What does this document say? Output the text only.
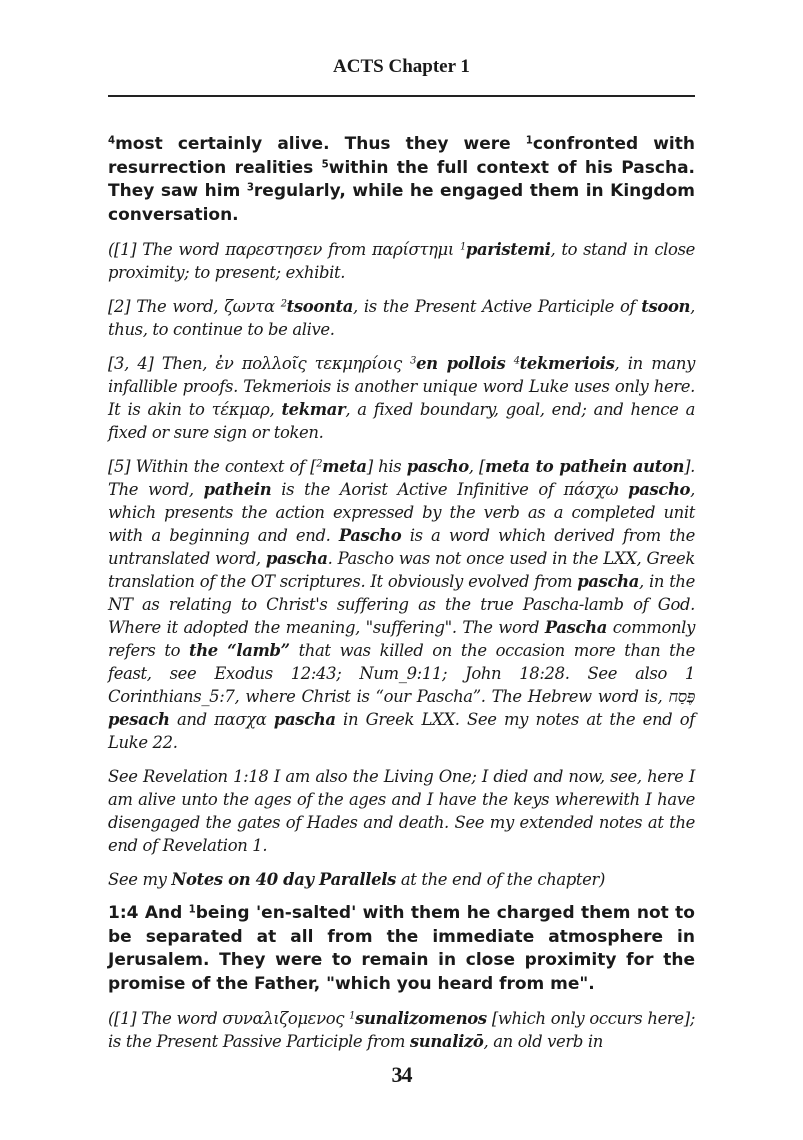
ACTS Chapter 1

$^4$most certainly alive. Thus they were $^1$confronted with resurrection realities $^5$within the full context of his Pascha. They saw him $^3$regularly, while he engaged them in Kingdom conversation.

([1] The word παρεστησεν from παρίστημι $^1$paristemi, to stand in close proximity; to present; exhibit.

[2] The word, ζωντα $^2$tsoonta, is the Present Active Participle of tsoon, thus, to continue to be alive.

[3, 4] Then, ἐν πολλοῖς τεκμηρίοις $^3$en pollois $^4$tekmeriois, in many infallible proofs. Tekmeriois is another unique word Luke uses only here. It is akin to τέκμαρ, tekmar, a fixed boundary, goal, end; and hence a fixed or sure sign or token.

[5] Within the context of [$^2$meta] his pascho, [meta to pathein auton]. The word, pathein is the Aorist Active Infinitive of πάσχω pascho, which presents the action expressed by the verb as a completed unit with a beginning and end. Pascho is a word which derived from the untranslated word, pascha. Pascho was not once used in the LXX, Greek translation of the OT scriptures. It obviously evolved from pascha, in the NT as relating to Christ's suffering as the true Pascha-lamb of God. Where it adopted the meaning, "suffering". The word Pascha commonly refers to the “lamb” that was killed on the occasion more than the feast, see Exodus 12:43; Num_9:11; John 18:28. See also 1 Corinthians_5:7, where Christ is “our Pascha”. The Hebrew word is, פֶּסַח pesach and πασχα pascha in Greek LXX. See my notes at the end of Luke 22.

See Revelation 1:18 I am also the Living One; I died and now, see, here I am alive unto the ages of the ages and I have the keys wherewith I have disengaged the gates of Hades and death. See my extended notes at the end of Revelation 1.

See my Notes on 40 day Parallels at the end of the chapter)

1:4 And $^1$being 'en-salted' with them he charged them not to be separated at all from the immediate atmosphere in Jerusalem. They were to remain in close proximity for the promise of the Father, "which you heard from me".

([1] The word συναλιζομενος $^1$sunalizomenos [which only occurs here]; is the Present Passive Participle from sunalizō, an old verb in

34
